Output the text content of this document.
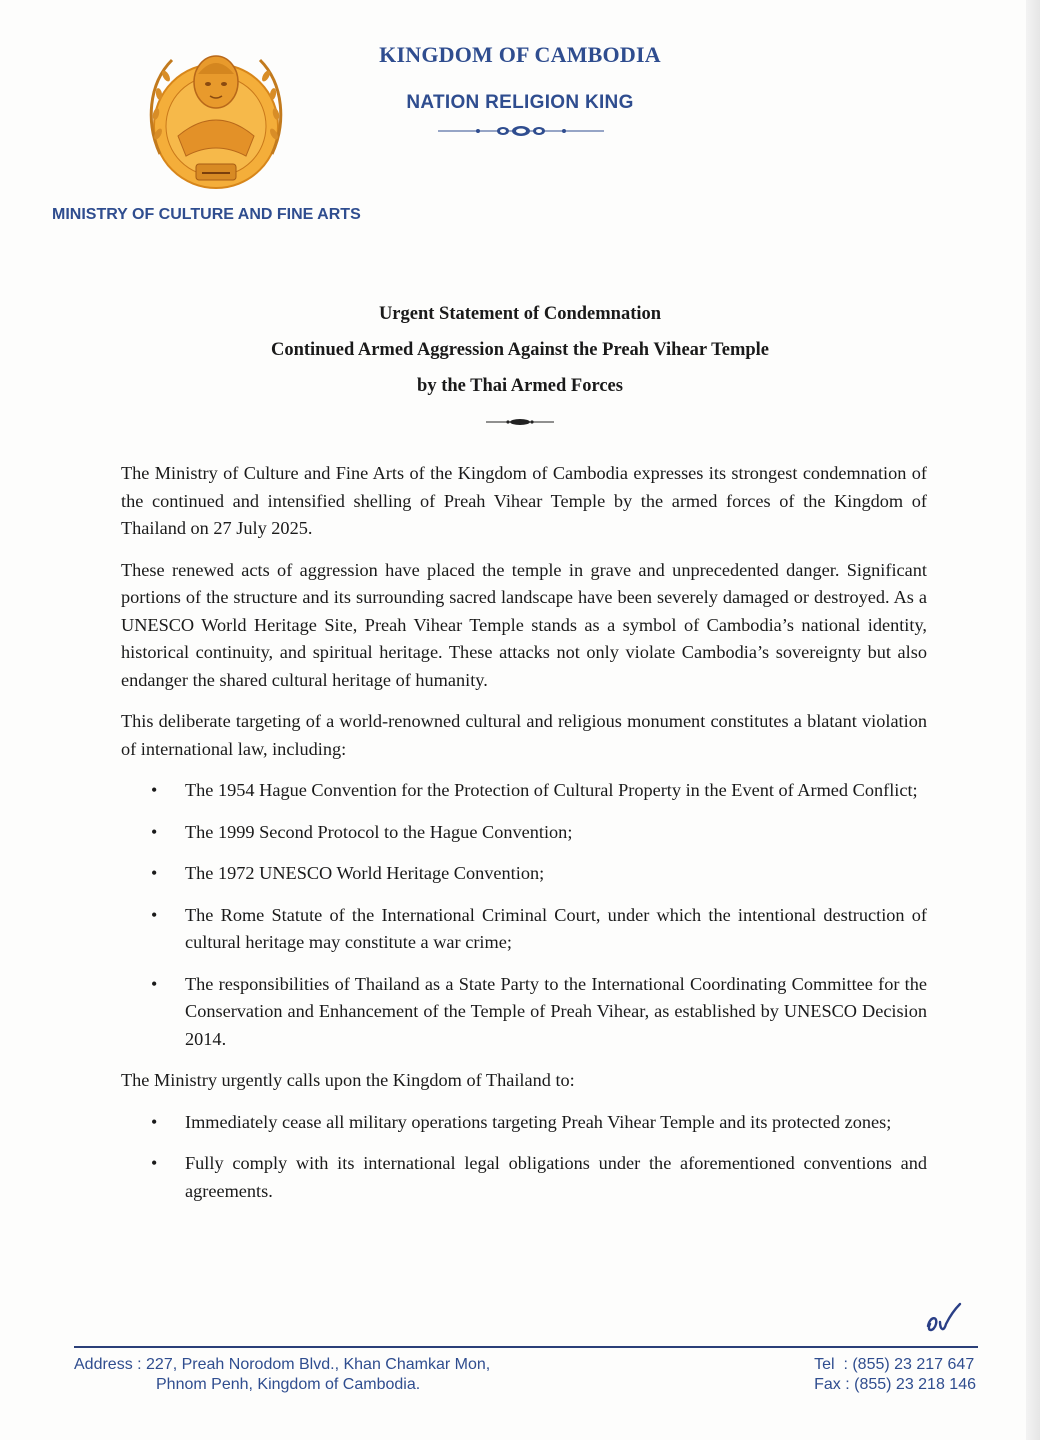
KINGDOM OF CAMBODIA
NATION RELIGION KING
MINISTRY OF CULTURE AND FINE ARTS
Urgent Statement of Condemnation
Continued Armed Aggression Against the Preah Vihear Temple
by the Thai Armed Forces

The Ministry of Culture and Fine Arts of the Kingdom of Cambodia expresses its strongest condemnation of the continued and intensified shelling of Preah Vihear Temple by the armed forces of the Kingdom of Thailand on 27 July 2025.

These renewed acts of aggression have placed the temple in grave and unprecedented danger. Significant portions of the structure and its surrounding sacred landscape have been severely damaged or destroyed. As a UNESCO World Heritage Site, Preah Vihear Temple stands as a symbol of Cambodia’s national identity, historical continuity, and spiritual heritage. These attacks not only violate Cambodia’s sovereignty but also endanger the shared cultural heritage of humanity.

This deliberate targeting of a world-renowned cultural and religious monument constitutes a blatant violation of international law, including:

• The 1954 Hague Convention for the Protection of Cultural Property in the Event of Armed Conflict;
• The 1999 Second Protocol to the Hague Convention;
• The 1972 UNESCO World Heritage Convention;
• The Rome Statute of the International Criminal Court, under which the intentional destruction of cultural heritage may constitute a war crime;
• The responsibilities of Thailand as a State Party to the International Coordinating Committee for the Conservation and Enhancement of the Temple of Preah Vihear, as established by UNESCO Decision 2014.

The Ministry urgently calls upon the Kingdom of Thailand to:

• Immediately cease all military operations targeting Preah Vihear Temple and its protected zones;
• Fully comply with its international legal obligations under the aforementioned conventions and agreements.
Address : 227, Preah Norodom Blvd., Khan Chamkar Mon,
Phnom Penh, Kingdom of Cambodia.
Tel  : (855) 23 217 647
Fax : (855) 23 218 146
